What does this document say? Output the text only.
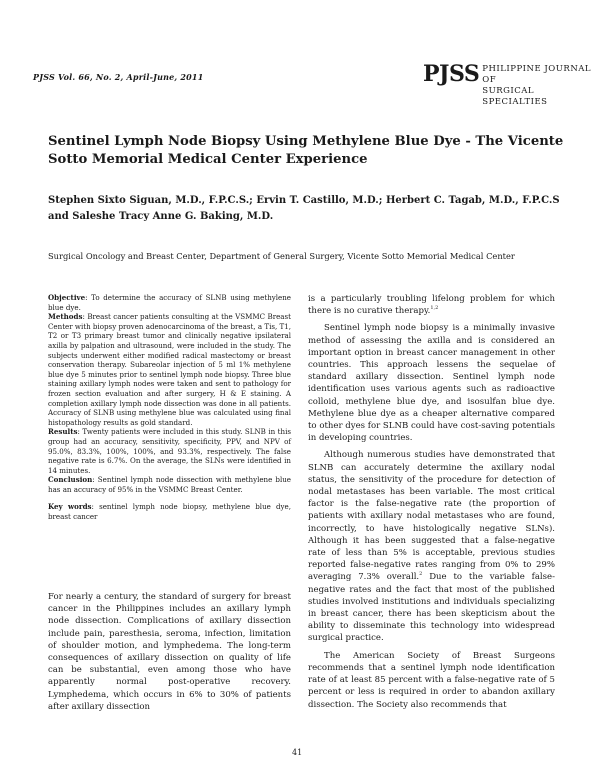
PJSS Vol. 66, No. 2, April-June, 2011	PJSS PHILIPPINE JOURNAL OF
SURGICAL SPECIALTIES
Sentinel Lymph Node Biopsy Using Methylene Blue Dye - The Vicente Sotto Memorial Medical Center Experience
Stephen Sixto Siguan, M.D., F.P.C.S.; Ervin T. Castillo, M.D.; Herbert C. Tagab, M.D., F.P.C.S
and Saleshe Tracy Anne G. Baking, M.D.
Surgical Oncology and Breast Center, Department of General Surgery, Vicente Sotto Memorial Medical Center

Objective: To determine the accuracy of SLNB using methylene blue dye.

Methods: Breast cancer patients consulting at the VSMMC Breast Center with biopsy proven adenocarcinoma of the breast, a Tis, T1, T2 or T3 primary breast tumor and clinically negative ipsilateral axilla by palpation and ultrasound, were included in the study. The subjects underwent either modified radical mastectomy or breast conservation therapy. Subareolar injection of 5 ml 1% methylene blue dye 5 minutes prior to sentinel lymph node biopsy. Three blue staining axillary lymph nodes were taken and sent to pathology for frozen section evaluation and after surgery, H & E staining. A completion axillary lymph node dissection was done in all patients. Accuracy of SLNB using methylene blue was calculated using final histopathology results as gold standard.

Results: Twenty patients were included in this study. SLNB in this group had an accuracy, sensitivity, specificity, PPV, and NPV of 95.0%, 83.3%, 100%, 100%, and 93.3%, respectively. The false negative rate is 6.7%. On the average, the SLNs were identified in 14 minutes.

Conclusion: Sentinel lymph node dissection with methylene blue has an accuracy of 95% in the VSMMC Breast Center.

Key words: sentinel lymph node biopsy, methylene blue dye, breast cancer

For nearly a century, the standard of surgery for breast cancer in the Philippines includes an axillary lymph node dissection. Complications of axillary dissection include pain, paresthesia, seroma, infection, limitation of shoulder motion, and lymphedema. The long-term consequences of axillary dissection on quality of life can be substantial, even among those who have apparently normal post-operative recovery. Lymphedema, which occurs in 6% to 30% of patients after axillary dissection

is a particularly troubling lifelong problem for which there is no curative therapy.$^{1,2}$

Sentinel lymph node biopsy is a minimally invasive method of assessing the axilla and is considered an important option in breast cancer management in other countries. This approach lessens the sequelae of standard axillary dissection. Sentinel lymph node identification uses various agents such as radioactive colloid, methylene blue dye, and isosulfan blue dye. Methylene blue dye as a cheaper alternative compared to other dyes for SLNB could have cost-saving potentials in developing countries.

Although numerous studies have demonstrated that SLNB can accurately determine the axillary nodal status, the sensitivity of the procedure for detection of nodal metastases has been variable. The most critical factor is the false-negative rate (the proportion of patients with axillary nodal metastases who are found, incorrectly, to have histologically negative SLNs). Although it has been suggested that a false-negative rate of less than 5% is acceptable, previous studies reported false-negative rates ranging from 0% to 29% averaging 7.3% overall.$^2$ Due to the variable false-negative rates and the fact that most of the published studies involved institutions and individuals specializing in breast cancer, there has been skepticism about the ability to disseminate this technology into widespread surgical practice.

The American Society of Breast Surgeons recommends that a sentinel lymph node identification rate of at least 85 percent with a false-negative rate of 5 percent or less is required in order to abandon axillary dissection. The Society also recommends that

41
